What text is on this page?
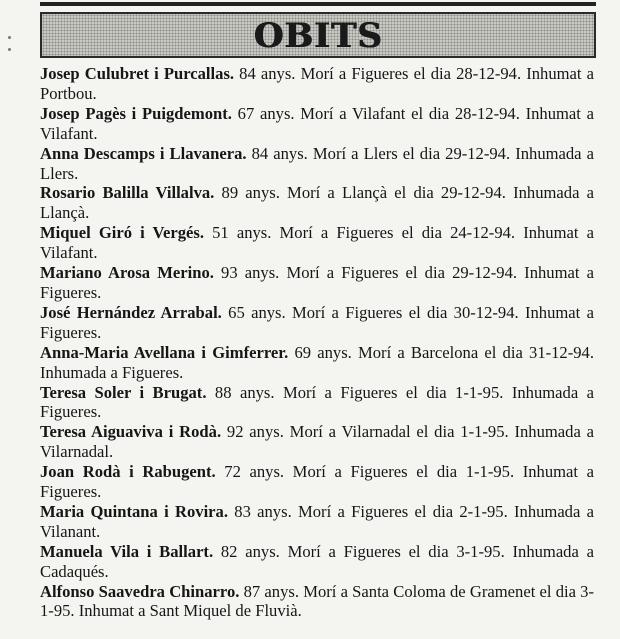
OBITS

Josep Culubret i Purcallas. 84 anys. Morí a Figueres el dia 28-12-94. Inhumat a Portbou.

Josep Pagès i Puigdemont. 67 anys. Morí a Vilafant el dia 28-12-94. Inhumat a Vilafant.

Anna Descamps i Llavanera. 84 anys. Morí a Llers el dia 29-12-94. Inhumada a Llers.

Rosario Balilla Villalva. 89 anys. Morí a Llançà el dia 29-12-94. Inhumada a Llançà.

Miquel Giró i Vergés. 51 anys. Morí a Figueres el dia 24-12-94. Inhumat a Vilafant.

Mariano Arosa Merino. 93 anys. Morí a Figueres el dia 29-12-94. Inhumat a Figueres.

José Hernández Arrabal. 65 anys. Morí a Figueres el dia 30-12-94. Inhumat a Figueres.

Anna-Maria Avellana i Gimferrer. 69 anys. Morí a Barcelona el dia 31-12-94. Inhumada a Figueres.

Teresa Soler i Brugat. 88 anys. Morí a Figueres el dia 1-1-95. Inhumada a Figueres.

Teresa Aiguaviva i Rodà. 92 anys. Morí a Vilarnadal el dia 1-1-95. Inhumada a Vilarnadal.

Joan Rodà i Rabugent. 72 anys. Morí a Figueres el dia 1-1-95. Inhumat a Figueres.

Maria Quintana i Rovira. 83 anys. Morí a Figueres el dia 2-1-95. Inhumada a Vilanant.

Manuela Vila i Ballart. 82 anys. Morí a Figueres el dia 3-1-95. Inhumada a Cadaqués.

Alfonso Saavedra Chinarro. 87 anys. Morí a Santa Coloma de Gramenet el dia 3-1-95. Inhumat a Sant Miquel de Fluvià.
